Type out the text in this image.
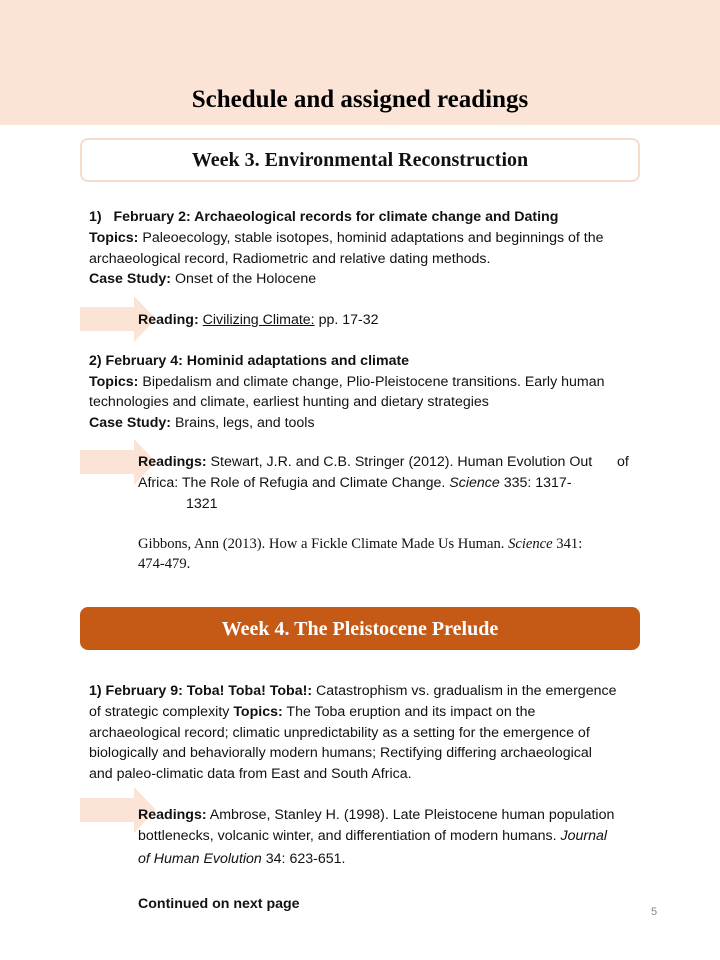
Schedule and assigned readings
Week 3. Environmental Reconstruction
1) February 2: Archaeological records for climate change and Dating
Topics: Paleoecology, stable isotopes, hominid adaptations and beginnings of the
archaeological record, Radiometric and relative dating methods.
Case Study: Onset of the Holocene
Reading: Civilizing Climate: pp. 17-32
2) February 4: Hominid adaptations and climate
Topics: Bipedalism and climate change, Plio-Pleistocene transitions. Early human
technologies and climate, earliest hunting and dietary strategies
Case Study: Brains, legs, and tools
Readings: Stewart, J.R. and C.B. Stringer (2012). Human Evolution Out of
Africa: The Role of Refugia and Climate Change. Science 335: 1317-
1321
Gibbons, Ann (2013). How a Fickle Climate Made Us Human. Science 341:
474-479.
Week 4. The Pleistocene Prelude
1) February 9: Toba! Toba! Toba!: Catastrophism vs. gradualism in the emergence
of strategic complexity Topics: The Toba eruption and its impact on the
archaeological record; climatic unpredictability as a setting for the emergence of
biologically and behaviorally modern humans; Rectifying differing archaeological
and paleo-climatic data from East and South Africa.
Readings: Ambrose, Stanley H. (1998). Late Pleistocene human population
bottlenecks, volcanic winter, and differentiation of modern humans. Journal
of Human Evolution 34: 623-651.
Continued on next page	5
